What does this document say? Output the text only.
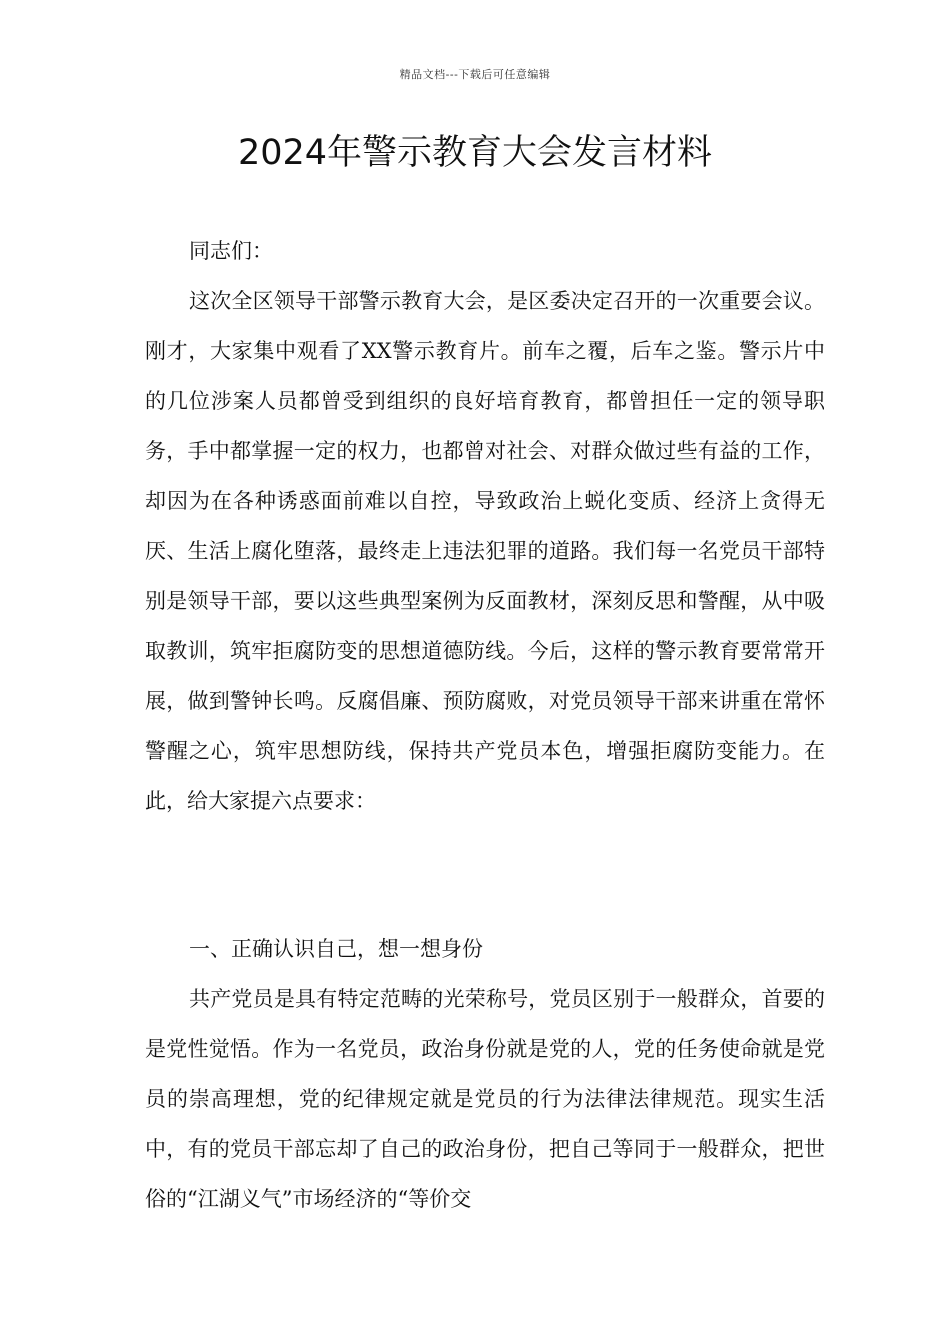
精品文档---下载后可任意编辑
2024年警示教育大会发言材料

同志们：

这次全区领导干部警示教育大会，是区委决定召开的一次重要会议。刚才，大家集中观看了XX警示教育片。前车之覆，后车之鉴。警示片中的几位涉案人员都曾受到组织的良好培育教育，都曾担任一定的领导职务，手中都掌握一定的权力，也都曾对社会、对群众做过些有益的工作，却因为在各种诱惑面前难以自控，导致政治上蜕化变质、经济上贪得无厌、生活上腐化堕落，最终走上违法犯罪的道路。我们每一名党员干部特别是领导干部，要以这些典型案例为反面教材，深刻反思和警醒，从中吸取教训，筑牢拒腐防变的思想道德防线。今后，这样的警示教育要常常开展，做到警钟长鸣。反腐倡廉、预防腐败，对党员领导干部来讲重在常怀警醒之心，筑牢思想防线，保持共产党员本色，增强拒腐防变能力。在此，给大家提六点要求：

一、正确认识自己，想一想身份

共产党员是具有特定范畴的光荣称号，党员区别于一般群众，首要的是党性觉悟。作为一名党员，政治身份就是党的人，党的任务使命就是党员的崇高理想，党的纪律规定就是党员的行为法律法律规范。现实生活中，有的党员干部忘却了自己的政治身份，把自己等同于一般群众，把世俗的“江湖义气”市场经济的“等价交
